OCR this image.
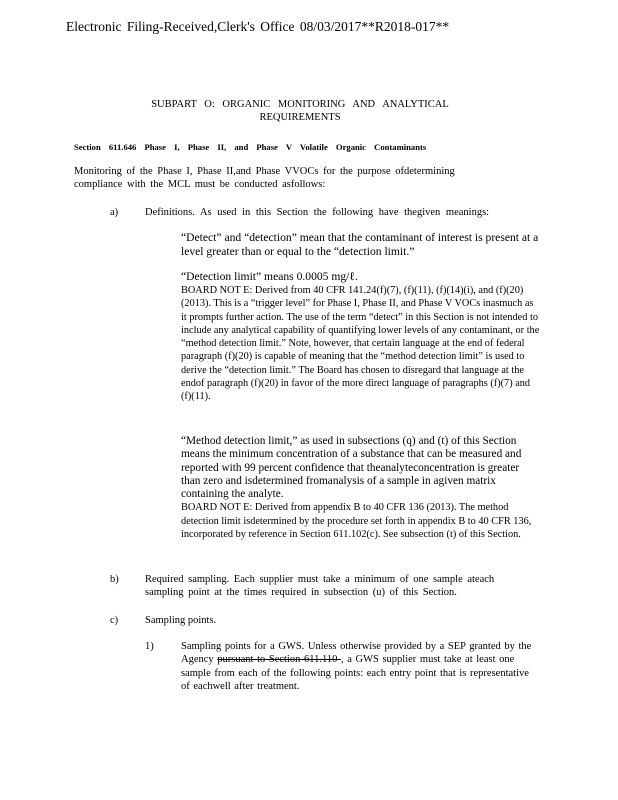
Electronic Filing-Received,Clerk's Office 08/03/2017**R2018-017**
SUBPART O: ORGANIC MONITORING AND ANALYTICAL
REQUIREMENTS
Section 611.646 Phase I, Phase II, and Phase V Volatile Organic Contaminants
Monitoring of the Phase I, Phase II,and Phase VVOCs for the purpose ofdetermining compliance with the MCL must be conducted asfollows:
a)	Definitions. As used in this Section the following have thegiven meanings:

“Detect” and “detection” mean that the contaminant of interest is present at a level greater than or equal to the “detection limit.”

“Detection limit” means 0.0005 mg/ℓ.

BOARD NOT E: Derived from 40 CFR 141.24(f)(7), (f)(11), (f)(14)(i), and (f)(20) (2013). This is a “trigger level” for Phase I, Phase II, and Phase V VOCs inasmuch as it prompts further action. The use of the term “detect” in this Section is not intended to include any analytical capability of quantifying lower levels of any contaminant, or the “method detection limit.” Note, however, that certain language at the end of federal paragraph (f)(20) is capable of meaning that the “method detection limit” is used to derive the “detection limit.” The Board has chosen to disregard that language at the endof paragraph (f)(20) in favor of the more direct language of paragraphs (f)(7) and (f)(11).

“Method detection limit,” as used in subsections (q) and (t) of this Section means the minimum concentration of a substance that can be measured and reported with 99 percent confidence that theanalyteconcentration is greater than zero and isdetermined fromanalysis of a sample in agiven matrix containing the analyte.

BOARD NOT E: Derived from appendix B to 40 CFR 136 (2013). The method detection limit isdetermined by the procedure set forth in appendix B to 40 CFR 136, incorporated by reference in Section 611.102(c). See subsection (t) of this Section.

b)	Required sampling. Each supplier must take a minimum of one sample ateach sampling point at the times required in subsection (u) of this Section.
c)	Sampling points.
1)	Sampling points for a GWS. Unless otherwise provided by a SEP granted by the Agency pursuant to Section 611.110 , a GWS supplier must take at least one sample from each of the following points: each entry point that is representative of eachwell after treatment.
